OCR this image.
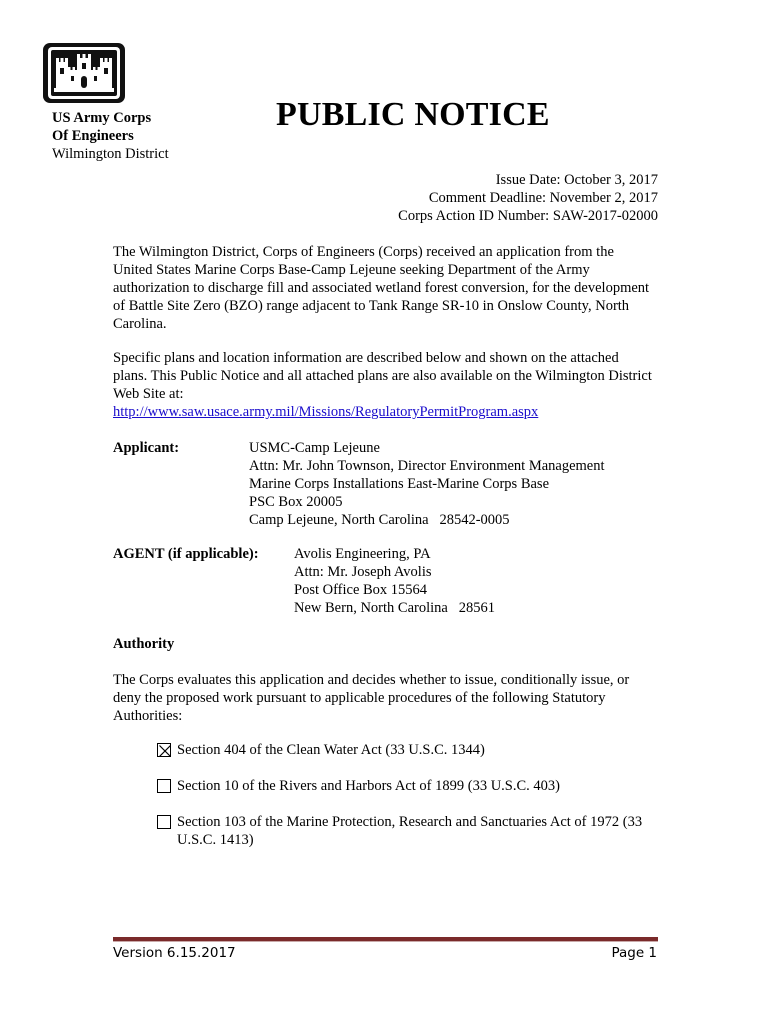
US Army Corps
Of Engineers
Wilmington District
PUBLIC NOTICE
Issue Date: October 3, 2017
Comment Deadline: November 2, 2017
Corps Action ID Number: SAW-2017-02000
The Wilmington District, Corps of Engineers (Corps) received an application from the United States Marine Corps Base-Camp Lejeune seeking Department of the Army authorization to discharge fill and associated wetland forest conversion, for the development of Battle Site Zero (BZO) range adjacent to Tank Range SR-10 in Onslow County, North Carolina.
Specific plans and location information are described below and shown on the attached plans. This Public Notice and all attached plans are also available on the Wilmington District Web Site at:
http://www.saw.usace.army.mil/Missions/RegulatoryPermitProgram.aspx
Applicant:	USMC-Camp Lejeune
Attn: Mr. John Townson, Director Environment Management
Marine Corps Installations East-Marine Corps Base
PSC Box 20005
Camp Lejeune, North Carolina   28542-0005
AGENT (if applicable): Avolis Engineering, PA
Attn: Mr. Joseph Avolis
Post Office Box 15564
New Bern, North Carolina   28561
Authority
The Corps evaluates this application and decides whether to issue, conditionally issue, or deny the proposed work pursuant to applicable procedures of the following Statutory Authorities:
Section 404 of the Clean Water Act (33 U.S.C. 1344)
Section 10 of the Rivers and Harbors Act of 1899 (33 U.S.C. 403)
Section 103 of the Marine Protection, Research and Sanctuaries Act of 1972 (33 U.S.C. 1413)
Version 6.15.2017	Page 1
